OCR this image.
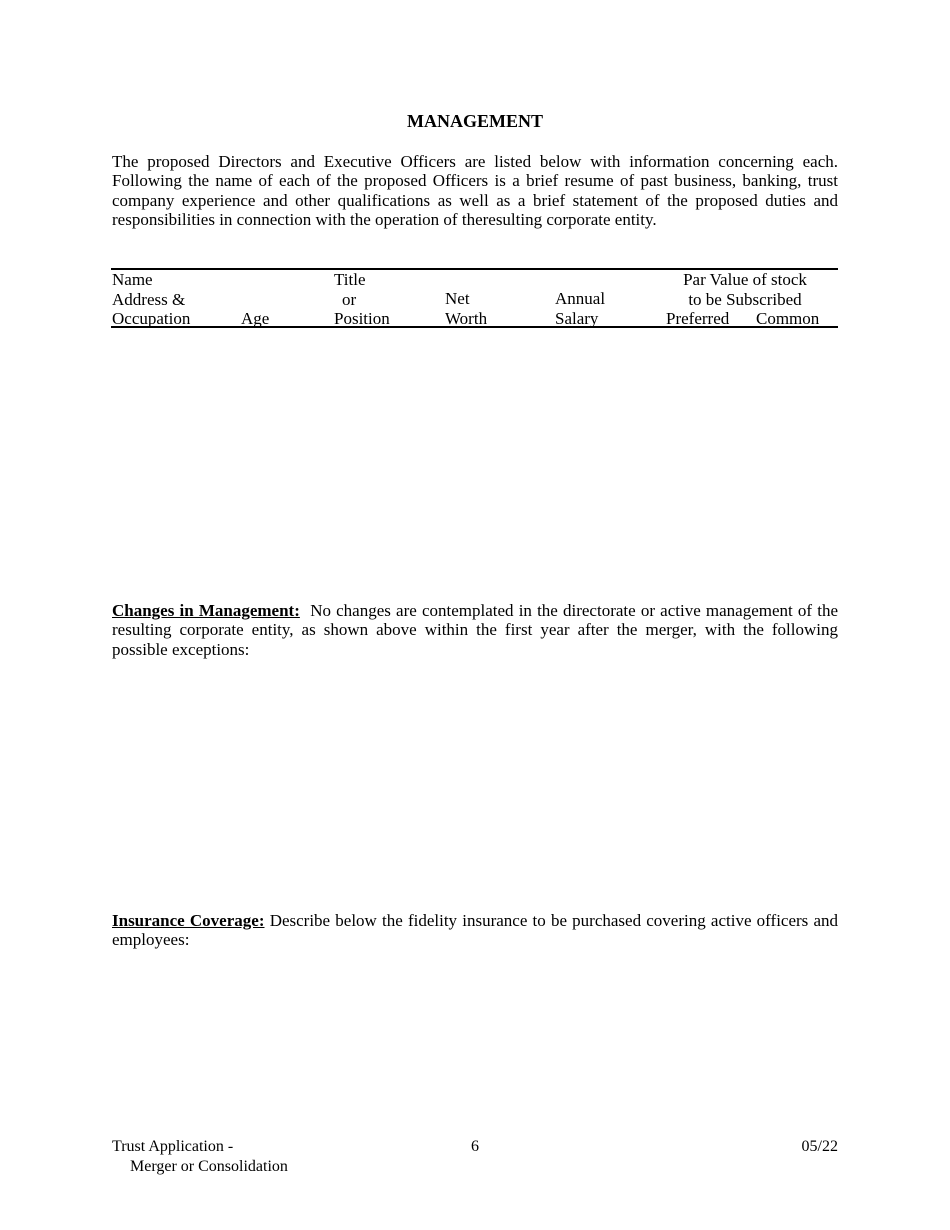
MANAGEMENT

The proposed Directors and Executive Officers are listed below with information concerning each. Following the name of each of the proposed Officers is a brief resume of past business, banking, trust company experience and other qualifications as well as a brief statement of the proposed duties and responsibilities in connection with the operation of theresulting corporate entity.

Name
Address &
Occupation	Age
Title
or
Position
Net
Worth
Annual
Salary
Par Value of stock
to be Subscribed
Preferred Common

Changes in Management: No changes are contemplated in the directorate or active management of the resulting corporate entity, as shown above within the first year after the merger, with the following possible exceptions:

Insurance Coverage: Describe below the fidelity insurance to be purchased covering active officers and employees:

Trust Application -
Merger or Consolidation
6	05/22
